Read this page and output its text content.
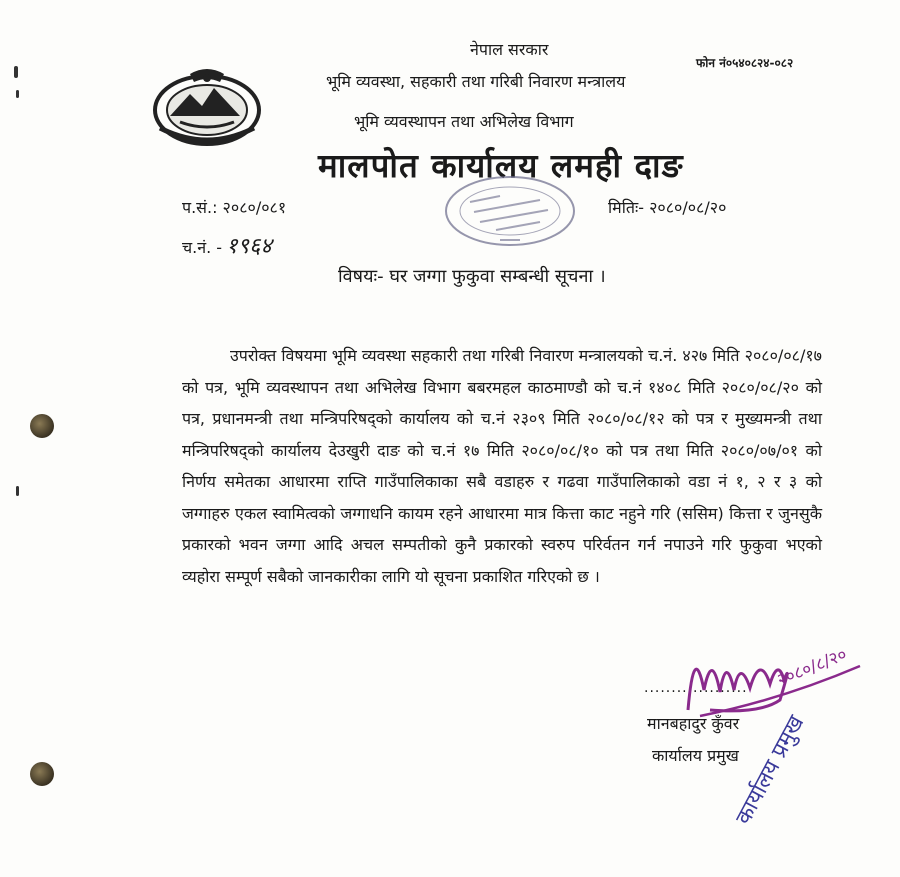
नेपाल सरकार
फोन नं०५४०८२४-०८२
भूमि व्यवस्था, सहकारी तथा गरिबी निवारण मन्त्रालय
भूमि व्यवस्थापन तथा अभिलेख विभाग
मालपोत कार्यालय लमही दाङ
प.सं.: २०८०/०८१
च.नं. - १९६४
मितिः- २०८०/०८/२०
विषयः- घर जग्गा फुकुवा सम्बन्धी सूचना ।
उपरोक्त विषयमा भूमि व्यवस्था सहकारी तथा गरिबी निवारण मन्त्रालयको च.नं. ४२७ मिति २०८०/०८/१७ को पत्र, भूमि व्यवस्थापन तथा अभिलेख विभाग बबरमहल काठमाण्डौ को च.नं १४०८ मिति २०८०/०८/२० को पत्र, प्रधानमन्त्री तथा मन्त्रिपरिषद्को कार्यालय को च.नं २३०९ मिति २०८०/०८/१२ को पत्र र मुख्यमन्त्री तथा मन्त्रिपरिषद्को कार्यालय देउखुरी दाङ को च.नं १७ मिति २०८०/०८/१० को पत्र तथा मिति २०८०/०७/०१ को निर्णय समेतका आधारमा राप्ति गाउँपालिकाका सबै वडाहरु र गढवा गाउँपालिकाको वडा नं १, २ र ३ को जग्गाहरु एकल स्वामित्वको जग्गाधनि कायम रहने आधारमा मात्र कित्ता काट नहुने गरि (ससिम) कित्ता र जुनसुकै प्रकारको भवन जग्गा आदि अचल सम्पतीको कुनै प्रकारको स्वरुप परिर्वतन गर्न नपाउने गरि फुकुवा भएको व्यहोरा सम्पूर्ण सबैको जानकारीका लागि यो सूचना प्रकाशित गरिएको छ ।
...................
मानबहादुर कुँवर
कार्यालय प्रमुख
२०८०/८/२०
कार्यालय प्रमुख
